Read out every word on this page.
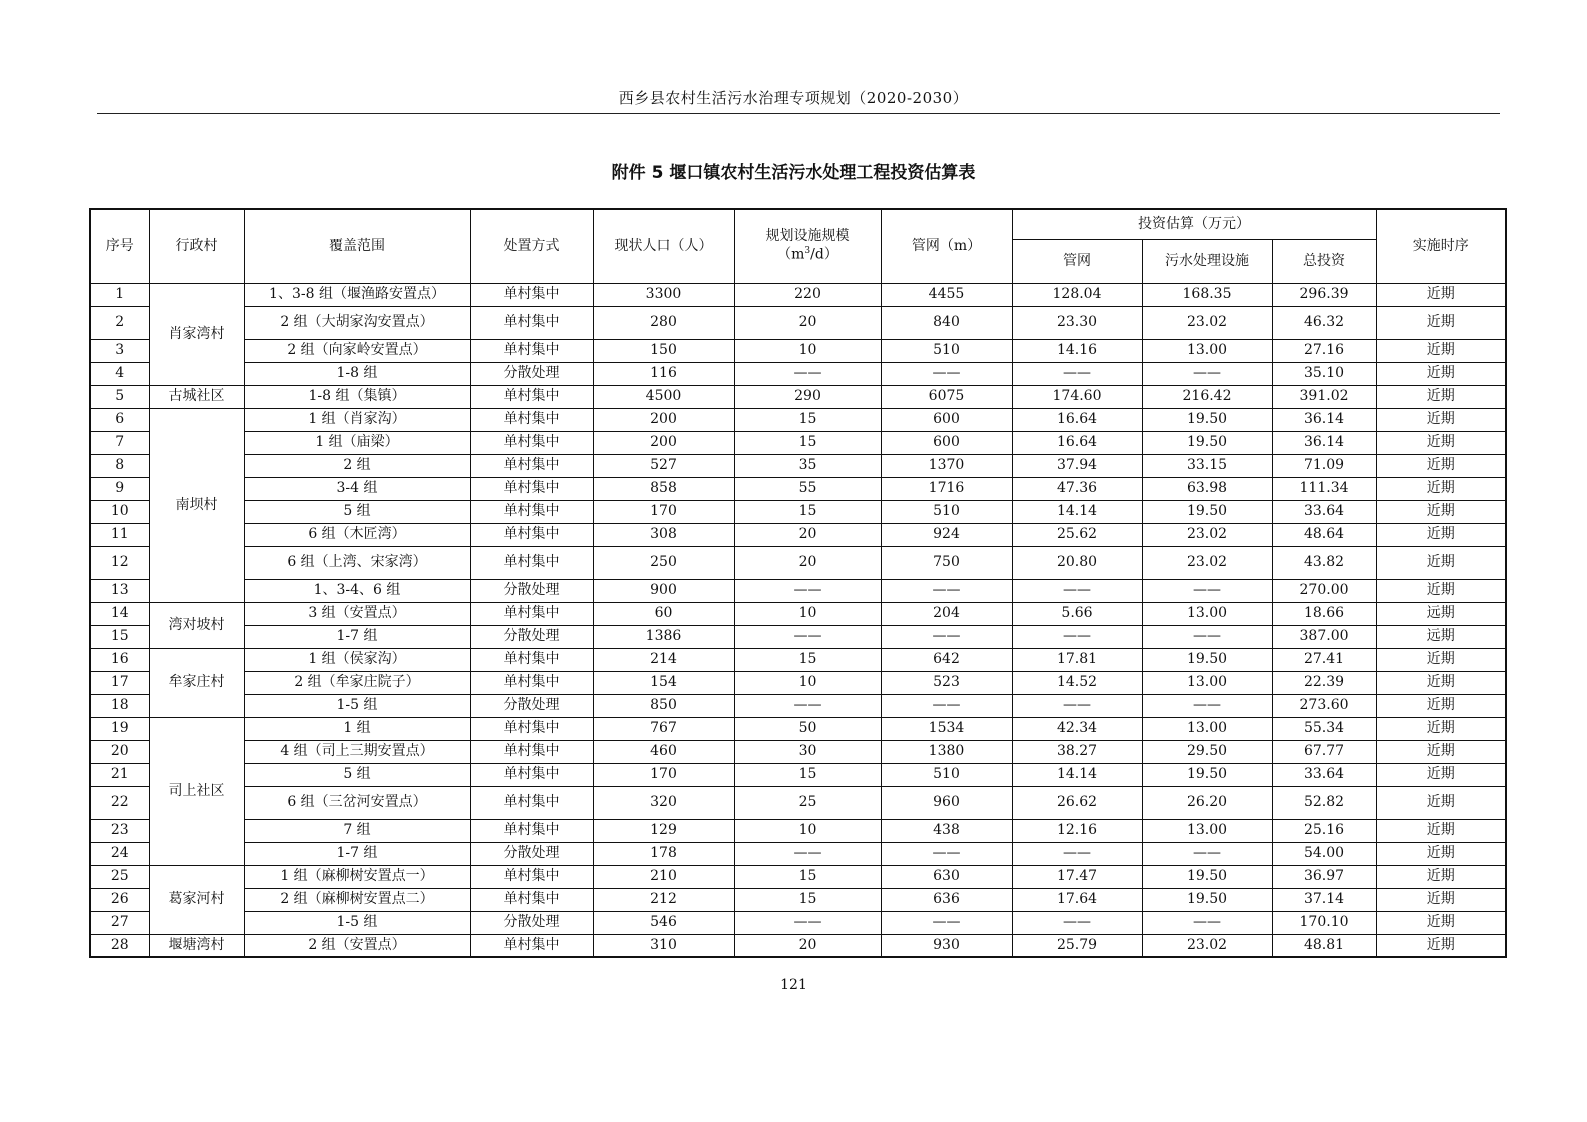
西乡县农村生活污水治理专项规划（2020-2030）
附件 5 堰口镇农村生活污水处理工程投资估算表
序号	行政村	覆盖范围	处置方式	现状人口（人）	规划设施规模
$(m^3/d)$	管网（m）	投资估算（万元）			实施时序
							管网	污水处理设施	总投资	
1	肖家湾村	1、3-8 组（堰渔路安置点）	单村集中	3300	220	4455	128.04	168.35	296.39	近期
2		2 组（大胡家沟安置点）	单村集中	280	20	840	23.30	23.02	46.32	近期
3		2 组（向家岭安置点）	单村集中	150	10	510	14.16	13.00	27.16	近期
4		1-8 组	分散处理	116	——	——	——	——	35.10	近期
5	古城社区	1-8 组（集镇）	单村集中	4500	290	6075	174.60	216.42	391.02	近期
6	南坝村	1 组（肖家沟）	单村集中	200	15	600	16.64	19.50	36.14	近期
7		1 组（庙梁）	单村集中	200	15	600	16.64	19.50	36.14	近期
8		2 组	单村集中	527	35	1370	37.94	33.15	71.09	近期
9		3-4 组	单村集中	858	55	1716	47.36	63.98	111.34	近期
10		5 组	单村集中	170	15	510	14.14	19.50	33.64	近期
11		6 组（木匠湾）	单村集中	308	20	924	25.62	23.02	48.64	近期
12		6 组（上湾、宋家湾）	单村集中	250	20	750	20.80	23.02	43.82	近期
13		1、3-4、6 组	分散处理	900	——	——	——	——	270.00	近期
14	湾对坡村	3 组（安置点）	单村集中	60	10	204	5.66	13.00	18.66	远期
15		1-7 组	分散处理	1386	——	——	——	——	387.00	远期
16	牟家庄村	1 组（侯家沟）	单村集中	214	15	642	17.81	19.50	27.41	近期
17		2 组（牟家庄院子）	单村集中	154	10	523	14.52	13.00	22.39	近期
18		1-5 组	分散处理	850	——	——	——	——	273.60	近期
19	司上社区	1 组	单村集中	767	50	1534	42.34	13.00	55.34	近期
20		4 组（司上三期安置点）	单村集中	460	30	1380	38.27	29.50	67.77	近期
21		5 组	单村集中	170	15	510	14.14	19.50	33.64	近期
22		6 组（三岔河安置点）	单村集中	320	25	960	26.62	26.20	52.82	近期
23		7 组	单村集中	129	10	438	12.16	13.00	25.16	近期
24		1-7 组	分散处理	178	——	——	——	——	54.00	近期
25	葛家河村	1 组（麻柳树安置点一）	单村集中	210	15	630	17.47	19.50	36.97	近期
26		2 组（麻柳树安置点二）	单村集中	212	15	636	17.64	19.50	37.14	近期
27		1-5 组	分散处理	546	——	——	——	——	170.10	近期
28	堰塘湾村	2 组（安置点）	单村集中	310	20	930	25.79	23.02	48.81	近期
121
